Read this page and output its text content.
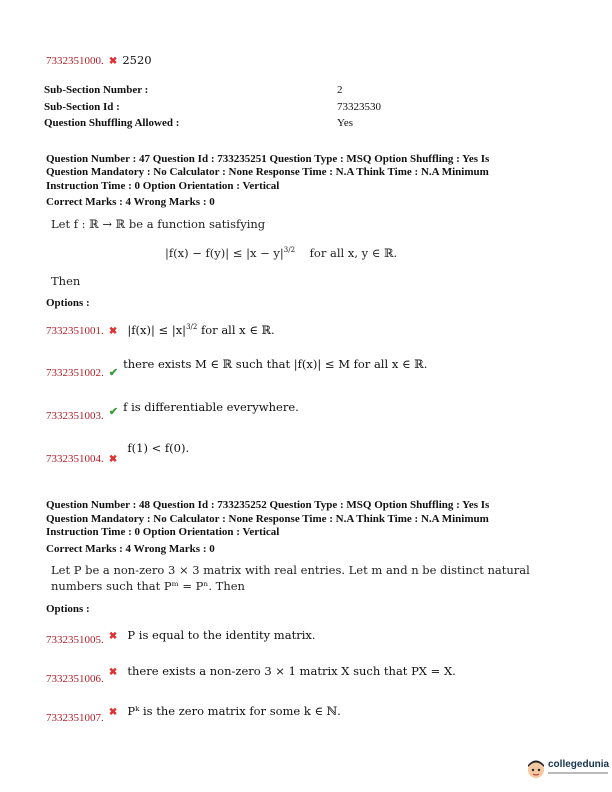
7332351000. ✖ 2520
Sub-Section Number :	2
Sub-Section Id :	73323530
Question Shuffling Allowed :	Yes
Question Number : 47 Question Id : 733235251 Question Type : MSQ Option Shuffling : Yes Is
Question Mandatory : No Calculator : None Response Time : N.A Think Time : N.A Minimum
Instruction Time : 0 Option Orientation : Vertical
Correct Marks : 4 Wrong Marks : 0
Let f : ℝ → ℝ be a function satisfying
|f(x) − f(y)| ≤ |x − y|3/2 for all x, y ∈ ℝ.
Then
Options :
7332351001. ✖ |f(x)| ≤ |x|3/2 for all x ∈ ℝ.
$_{7332351002.}$ $_✔$ there exists M ∈ ℝ such that |f(x)| ≤ M for all x ∈ ℝ.
$_{7332351003.}$ $_✔$ f is differentiable everywhere.
$_{7332351004.}$ $_✖$  f(1) < f(0).
Question Number : 48 Question Id : 733235252 Question Type : MSQ Option Shuffling : Yes Is
Question Mandatory : No Calculator : None Response Time : N.A Think Time : N.A Minimum
Instruction Time : 0 Option Orientation : Vertical
Correct Marks : 4 Wrong Marks : 0
Let P be a non-zero 3 × 3 matrix with real entries. Let m and n be distinct natural
numbers such that Pᵐ = Pⁿ. Then
Options :
$_{7332351005.}$ ✖ P is equal to the identity matrix.
$_{7332351006.}$ ✖ there exists a non-zero 3 × 1 matrix X such that PX = X.
$_{7332351007.}$ ✖ Pᵏ is the zero matrix for some k ∈ ℕ.
collegedunia
